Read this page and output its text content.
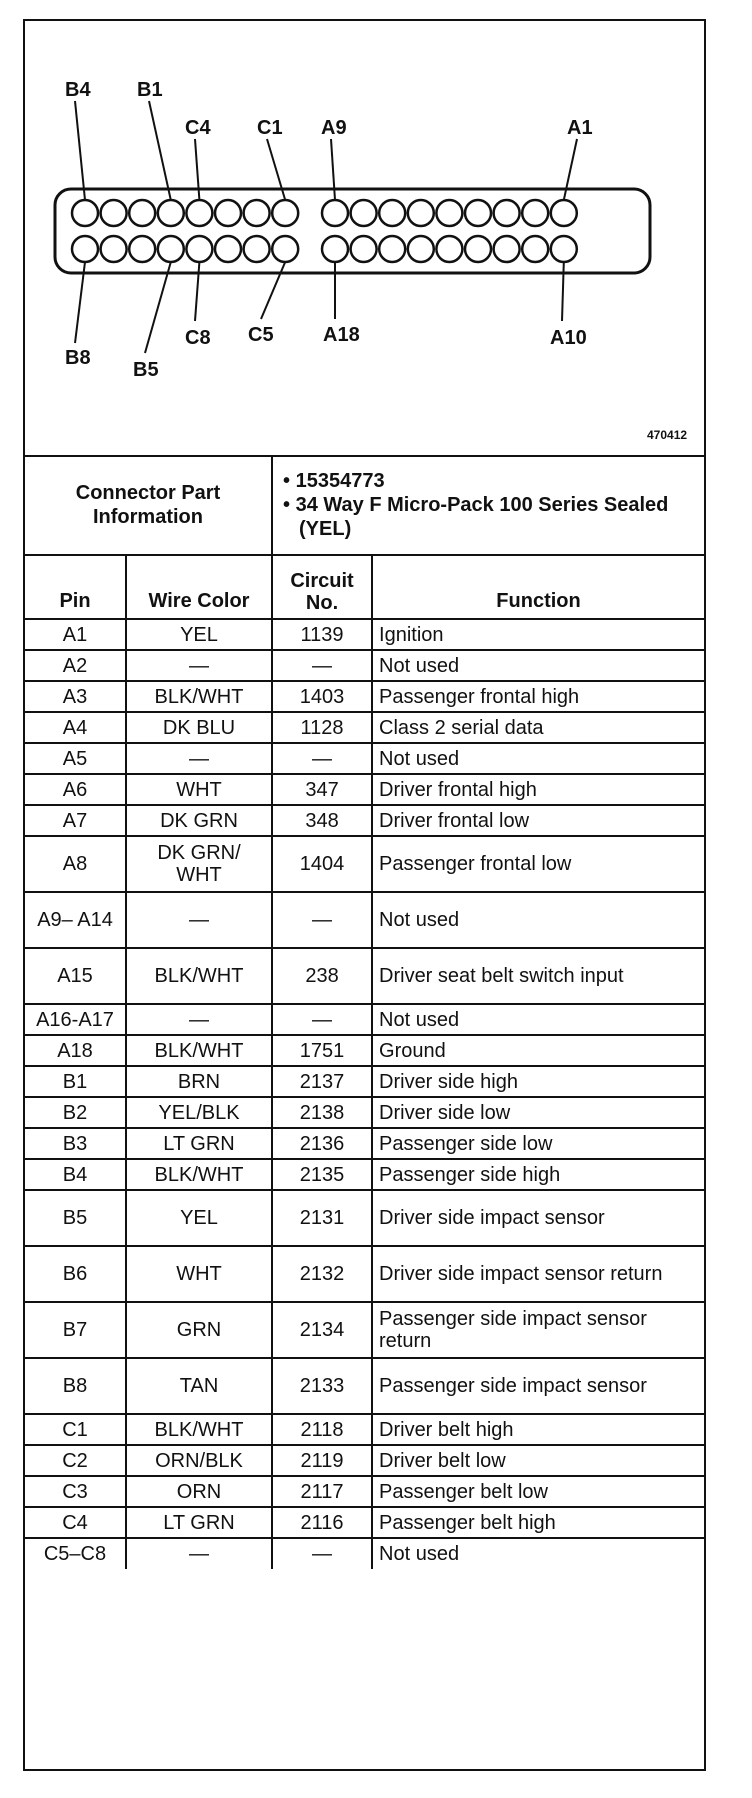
B4 B1
C4 C1 A9	A1
B8
B5
C8 C5 A18	A10
470412
Connector Part Information		• 15354773
• 34 Way F Micro-Pack 100 Series Sealed (YEL)	

Pin	Wire Color	Circuit No.	Function
A1	YEL	1139	Ignition
A2	—	—	Not used
A3	BLK/WHT	1403	Passenger frontal high
A4	DK BLU	1128	Class 2 serial data
A5	—	—	Not used
A6	WHT	347	Driver frontal high
A7	DK GRN	348	Driver frontal low
A8	DK GRN/ WHT	1404	Passenger frontal low
A9– A14	—	—	Not used
A15	BLK/WHT	238	Driver seat belt switch input
A16-A17	—	—	Not used
A18	BLK/WHT	1751	Ground
B1	BRN	2137	Driver side high
B2	YEL/BLK	2138	Driver side low
B3	LT GRN	2136	Passenger side low
B4	BLK/WHT	2135	Passenger side high
B5	YEL	2131	Driver side impact sensor
B6	WHT	2132	Driver side impact sensor return
B7	GRN	2134	Passenger side impact sensor return
B8	TAN	2133	Passenger side impact sensor
C1	BLK/WHT	2118	Driver belt high
C2	ORN/BLK	2119	Driver belt low
C3	ORN	2117	Passenger belt low
C4	LT GRN	2116	Passenger belt high
C5–C8	—	—	Not used
